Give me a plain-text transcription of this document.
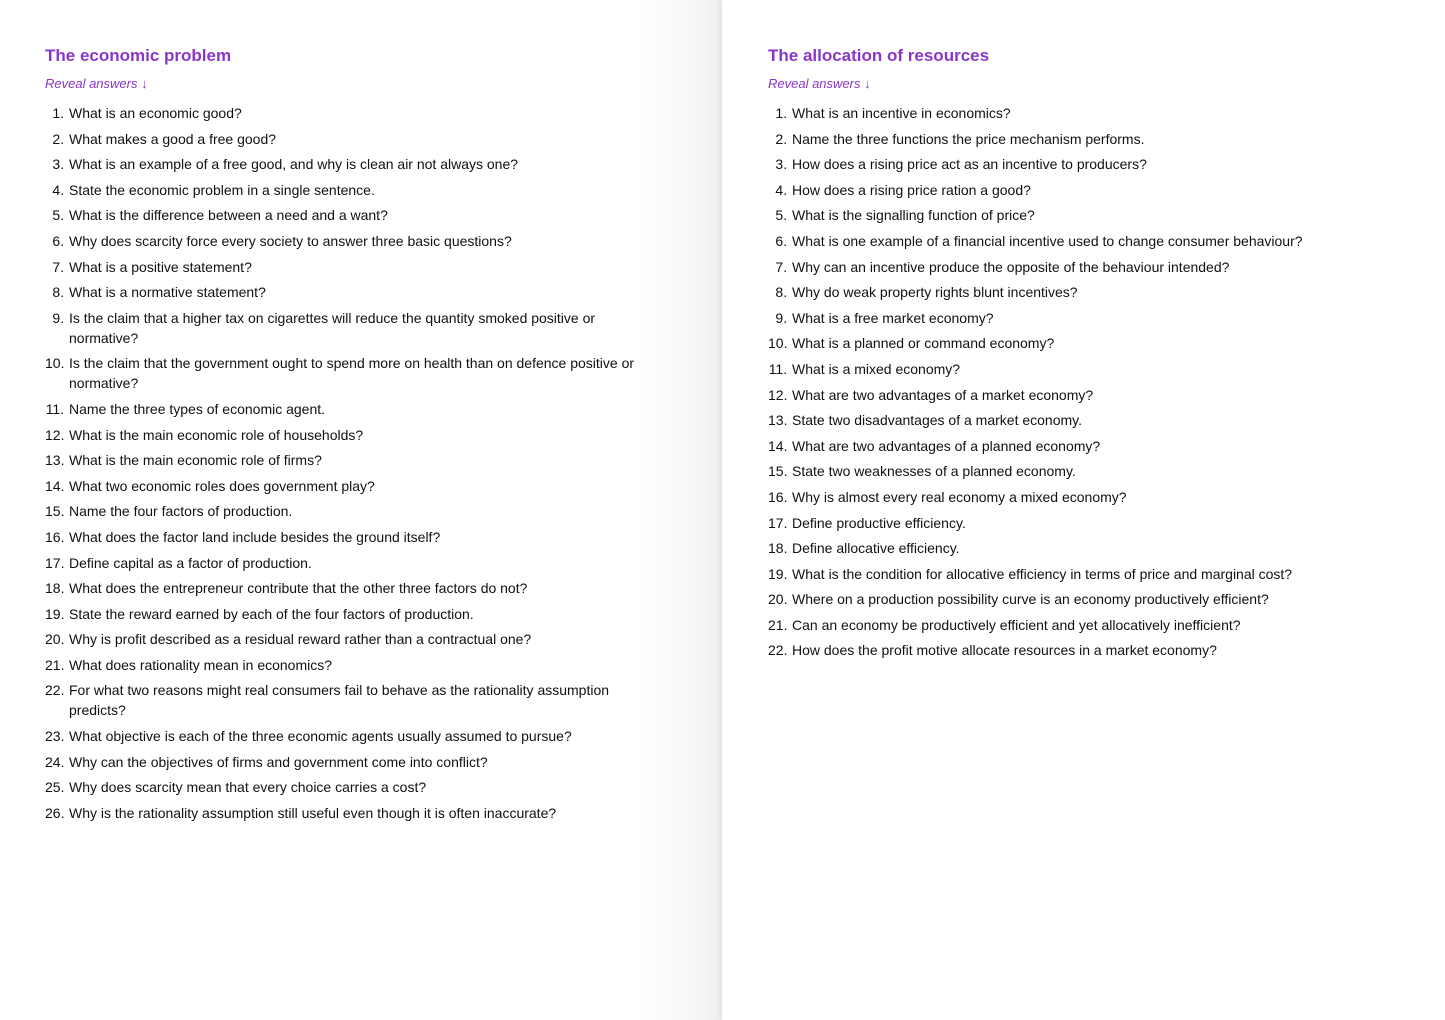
The economic problem
Reveal answers ↓
1. What is an economic good?
2. What makes a good a free good?
3. What is an example of a free good, and why is clean air not always one?
4. State the economic problem in a single sentence.
5. What is the difference between a need and a want?
6. Why does scarcity force every society to answer three basic questions?
7. What is a positive statement?
8. What is a normative statement?
9. Is the claim that a higher tax on cigarettes will reduce the quantity smoked positive or normative?
10. Is the claim that the government ought to spend more on health than on defence positive or normative?
11. Name the three types of economic agent.
12. What is the main economic role of households?
13. What is the main economic role of firms?
14. What two economic roles does government play?
15. Name the four factors of production.
16. What does the factor land include besides the ground itself?
17. Define capital as a factor of production.
18. What does the entrepreneur contribute that the other three factors do not?
19. State the reward earned by each of the four factors of production.
20. Why is profit described as a residual reward rather than a contractual one?
21. What does rationality mean in economics?
22. For what two reasons might real consumers fail to behave as the rationality assumption predicts?
23. What objective is each of the three economic agents usually assumed to pursue?
24. Why can the objectives of firms and government come into conflict?
25. Why does scarcity mean that every choice carries a cost?
26. Why is the rationality assumption still useful even though it is often inaccurate?
The allocation of resources
Reveal answers ↓
1. What is an incentive in economics?
2. Name the three functions the price mechanism performs.
3. How does a rising price act as an incentive to producers?
4. How does a rising price ration a good?
5. What is the signalling function of price?
6. What is one example of a financial incentive used to change consumer behaviour?
7. Why can an incentive produce the opposite of the behaviour intended?
8. Why do weak property rights blunt incentives?
9. What is a free market economy?
10. What is a planned or command economy?
11. What is a mixed economy?
12. What are two advantages of a market economy?
13. State two disadvantages of a market economy.
14. What are two advantages of a planned economy?
15. State two weaknesses of a planned economy.
16. Why is almost every real economy a mixed economy?
17. Define productive efficiency.
18. Define allocative efficiency.
19. What is the condition for allocative efficiency in terms of price and marginal cost?
20. Where on a production possibility curve is an economy productively efficient?
21. Can an economy be productively efficient and yet allocatively inefficient?
22. How does the profit motive allocate resources in a market economy?
